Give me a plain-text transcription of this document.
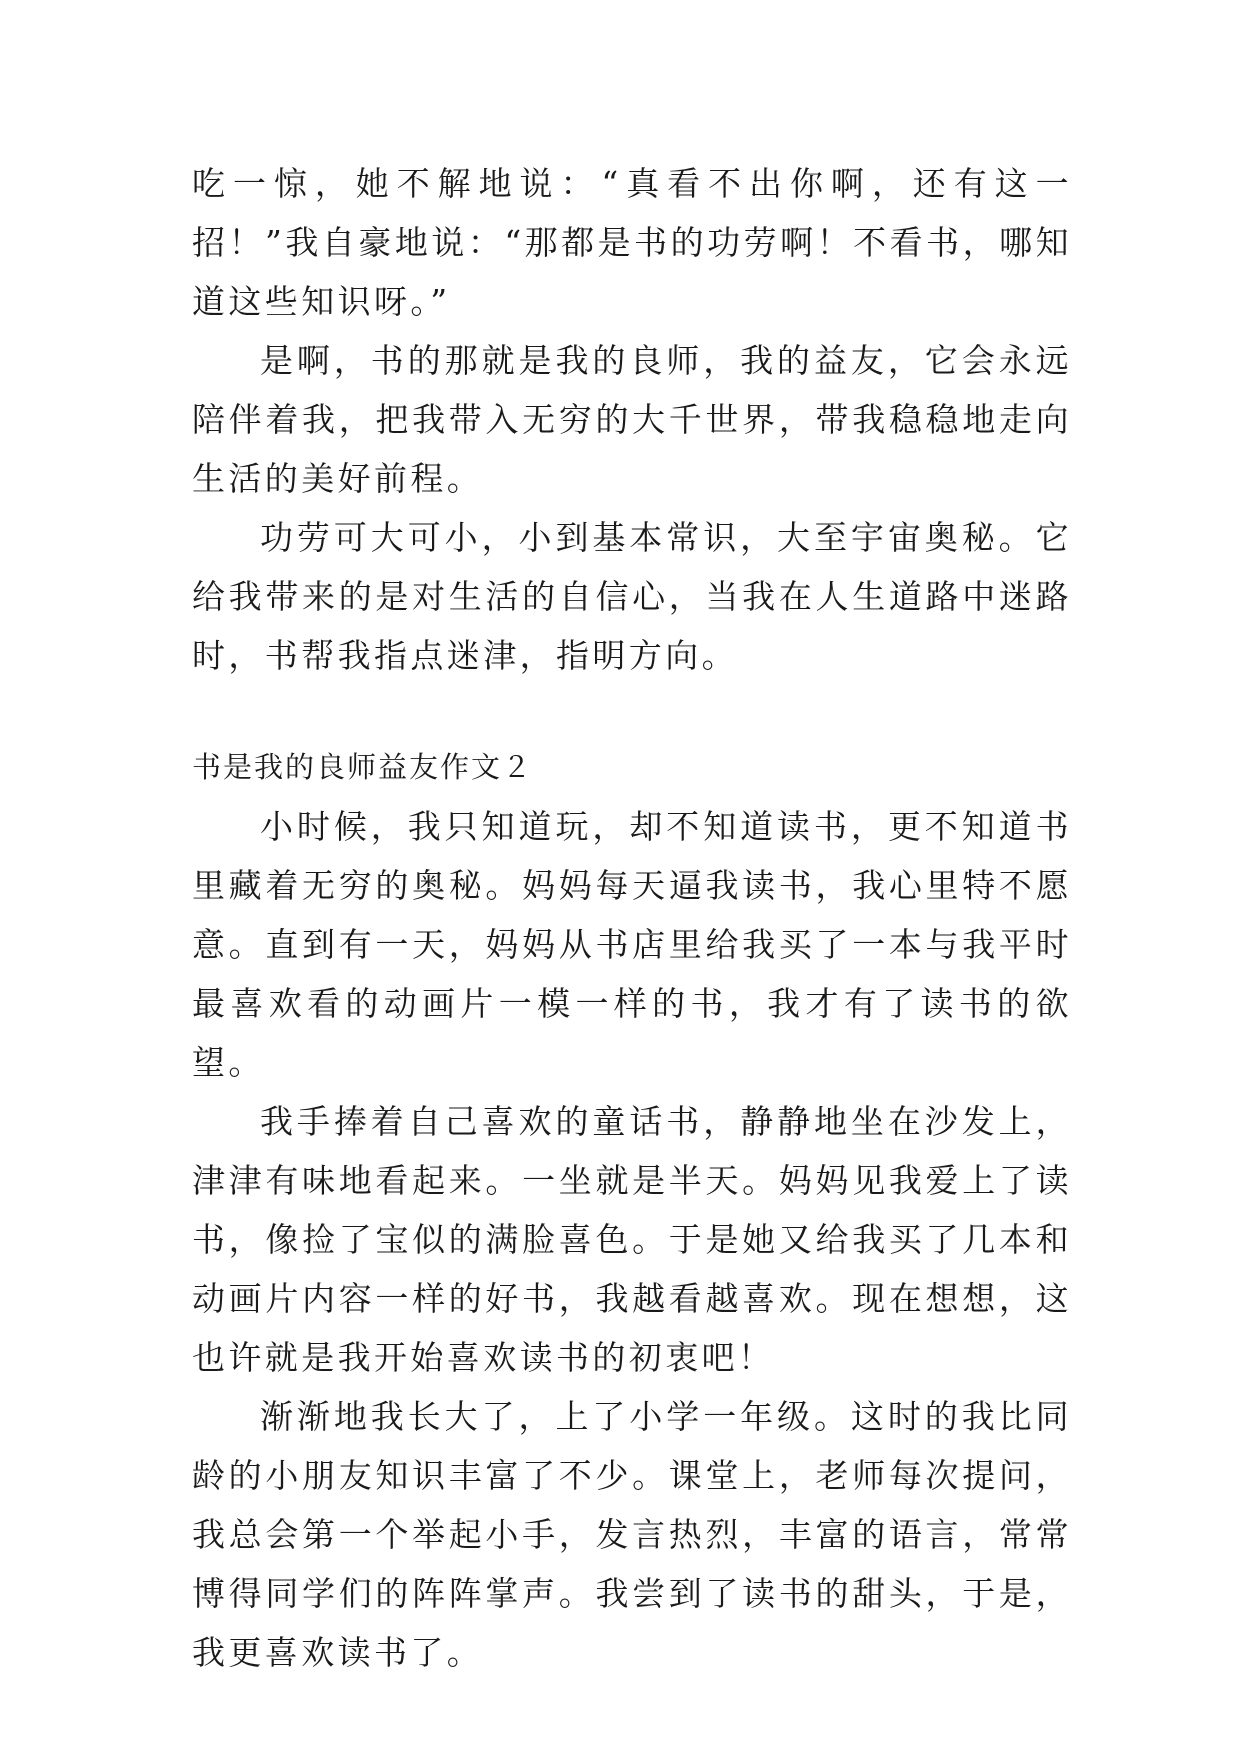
吃一惊，她不解地说：“真看不出你啊，还有这一招！”我自豪地说：“那都是书的功劳啊！不看书，哪知道这些知识呀。”

是啊，书的那就是我的良师，我的益友，它会永远陪伴着我，把我带入无穷的大千世界，带我稳稳地走向生活的美好前程。

功劳可大可小，小到基本常识，大至宇宙奥秘。它给我带来的是对生活的自信心，当我在人生道路中迷路时，书帮我指点迷津，指明方向。

书是我的良师益友作文２

小时候，我只知道玩，却不知道读书，更不知道书里藏着无穷的奥秘。妈妈每天逼我读书，我心里特不愿意。直到有一天，妈妈从书店里给我买了一本与我平时最喜欢看的动画片一模一样的书，我才有了读书的欲望。

我手捧着自己喜欢的童话书，静静地坐在沙发上，津津有味地看起来。一坐就是半天。妈妈见我爱上了读书，像捡了宝似的满脸喜色。于是她又给我买了几本和动画片内容一样的好书，我越看越喜欢。现在想想，这也许就是我开始喜欢读书的初衷吧！

渐渐地我长大了，上了小学一年级。这时的我比同龄的小朋友知识丰富了不少。课堂上，老师每次提问，我总会第一个举起小手，发言热烈，丰富的语言，常常博得同学们的阵阵掌声。我尝到了读书的甜头，于是，我更喜欢读书了。
